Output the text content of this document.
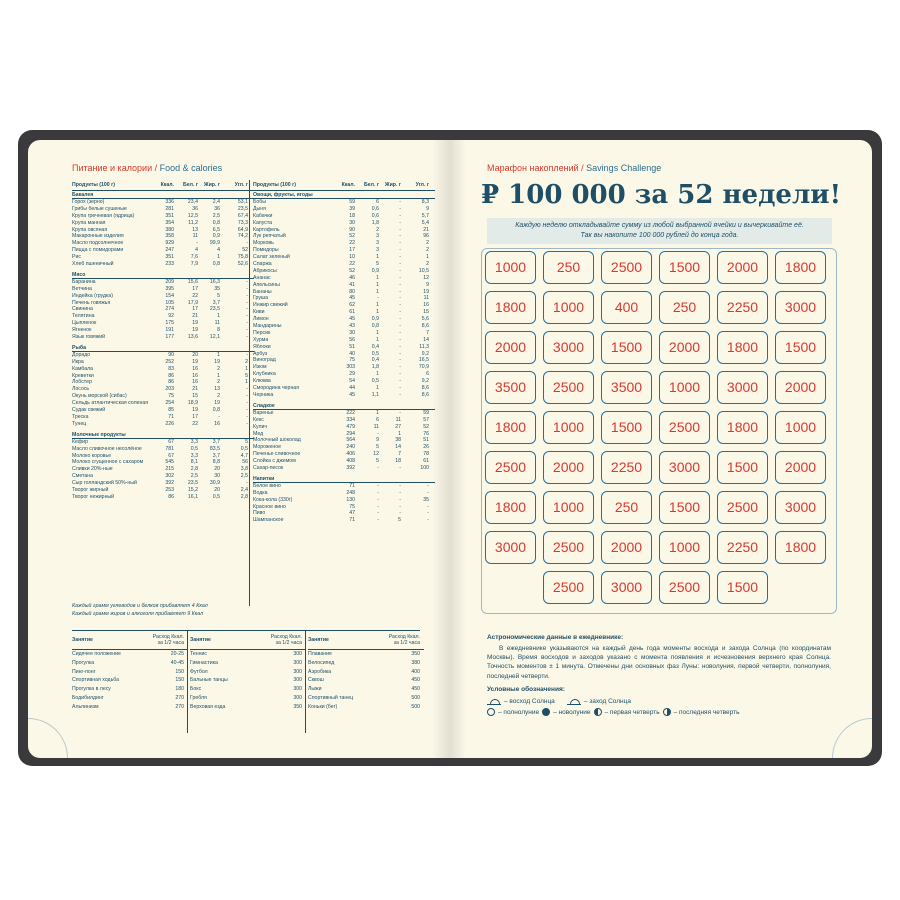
Питание и калории / Food & calories
Продукты (100 г)	Ккал.	Бел. г	Жир. г	Угл. г
Бакалея
Горох (зерно)	336	23,4	2,4	53,1
Грибы белые сушеные	281	36	36	23,5
Крупа гречневая (ядрица)	351	12,5	2,5	67,4
Крупа манная	354	11,2	0,8	73,3
Крупа овсяная	380	13	6,5	64,9
Макаронные изделия	358	11	0,9	74,2
Масло подсолнечное	929	-	99,9	-
Пицца с помидорами	247	4	4	52
Рис	351	7,6	1	75,8
Хлеб пшеничный	233	7,9	0,8	52,6
Мясо
Баранина	209	15,6	16,3	-
Ветчина	395	17	35	-
Индейка (грудка)	154	22	5	-
Печень говяжья	105	17,9	3,7	-
Свинина	274	17	23,5	-
Телятина	92	21	1	-
Цыпленок	175	19	11	-
Ягненок	191	19	8	-
Язык говяжий	177	13,6	12,1	-
Рыба
Дорадо	90	20	1	-
Икра	252	19	19	2
Камбала	83	16	2	1
Креветки	86	16	1	5
Лобстер	86	16	2	1
Лосось	203	21	13	-
Окунь морской (сибас)	75	15	2	-
Сельдь атлантическая соленая	254	18,9	19	-
Судак свежий	85	19	0,8	-
Треска	71	17	-	-
Тунец	226	22	16	-
Молочные продукты
Кефир	67	3,3	3,7	5
Масло сливочное несолёное	781	0,5	83,5	0,5
Молоко коровье	67	3,3	3,7	4,7
Молоко сгущенное с сахаром	545	8,1	8,8	56
Сливки 20%-ные	215	2,8	20	3,8
Сметана	302	2,5	30	2,5
Сыр голландский 50%-ный	392	23,5	30,9	-
Творог жирный	253	15,2	20	2,4
Творог нежирный	86	16,1	0,5	2,8
Продукты (100 г)	Ккал.	Бел. г	Жир. г	Угл. г
Овощи, фрукты, ягоды
Бобы	59	6	-	8,3
Дыня	39	0,6	-	9
Кабачки	18	0,6	-	5,7
Капуста	30	1,8	-	5,4
Картофель	90	2	-	21
Лук репчатый	52	3	-	96
Морковь	22	3	-	2
Помидоры	17	3	-	2
Салат зеленый	10	1	-	1
Спаржа	22	5	-	2
Абрикосы	52	0,9	-	10,5
Ананас	46	1	-	12
Апельсины	41	1	-	9
Бананы	80	1	-	19
Груша	45	-	-	11
Инжир свежий	62	1	-	16
Киви	61	1	-	15
Лимон	45	0,9	-	5,6
Мандарины	43	0,8	-	8,6
Персик	30	1	-	7
Хурма	56	1	-	14
Яблоки	51	0,4	-	11,3
Арбуз	40	0,5	-	9,2
Виноград	75	0,4	-	16,5
Изюм	303	1,8	-	70,9
Клубника	29	1	-	6
Клюква	54	0,5	-	9,2
Смородина черная	44	1	-	8,6
Черника	45	1,1	-	8,6
Сладкое
Варенье	222	1	-	59
Кекс	334	6	11	57
Кулич	479	11	27	52
Мед	294	-	1	76
Молочный шоколад	564	9	38	51
Мороженое	240	5	14	26
Печенье сливочное	406	12	7	78
Слойка с джемом	408	5	18	61
Сахар-песок	392	-	-	100
Напитки
Белое вино	71	-	-	-
Водка	248	-	-	-
Кока-кола (330г)	130	-	-	35
Красное вино	75	-	-	-
Пиво	47	-	-	-
Шампанское	71	-	5	-
Каждый грамм углеводов и белков прибавляет 4 Ккал
Каждый грамм жиров и алкоголя прибавляет 9 Ккал
Занятие	Расход Ккал. за 1/2 часа
Сидячее положение	20-25
Прогулка	40-45
Пинг-понг	150
Спортивная ходьба	150
Прогулка в лесу	180
Бодибилдинг	270
Альпинизм	270
Занятие	Расход Ккал. за 1/2 часа
Теннис	300
Гимнастика	300
Футбол	300
Бальные танцы	300
Бокс	300
Гребля	300
Верховая езда	350
Занятие	Расход Ккал. за 1/2 часа
Плавание	350
Велосипед	380
Аэробика	400
Сквош	450
Лыжи	450
Спортивный танец	500
Коньки (бег)	500
Марафон накоплений / Savings Challenge
₽ 100 000 за 52 недели!
Каждую неделю откладывайте сумму из любой выбранной ячейки и вычеркивайте её.
Так вы накопите 100 000 рублей до конца года.
1000	250	2500	1500	2000	1800
1800	1000	400	250	2250	3000
2000	3000	1500	2000	1800	1500
3500	2500	3500	1000	3000	2000
1800	1000	1500	2500	1800	1000
2500	2000	2250	3000	1500	2000
1800	1000	250	1500	2500	3000
3000	2500	2000	1000	2250	1800
2500	3000	2500	1500
Астрономические данные в ежедневнике:
В ежедневнике указываются на каждый день года моменты восхода и захода Солнца (по координатам Москвы). Время восходов и заходов указано с момента появления и исчезновения верхнего края Солнца. Точность моментов ± 1 минута. Отмечены дни основных фаз Луны: новолуния, первой четверти, полнолуния, последней четверти.
Условные обозначения:
– восход Солнца	– заход Солнца
– полнолуние – новолуние – первая четверть – последняя четверть
